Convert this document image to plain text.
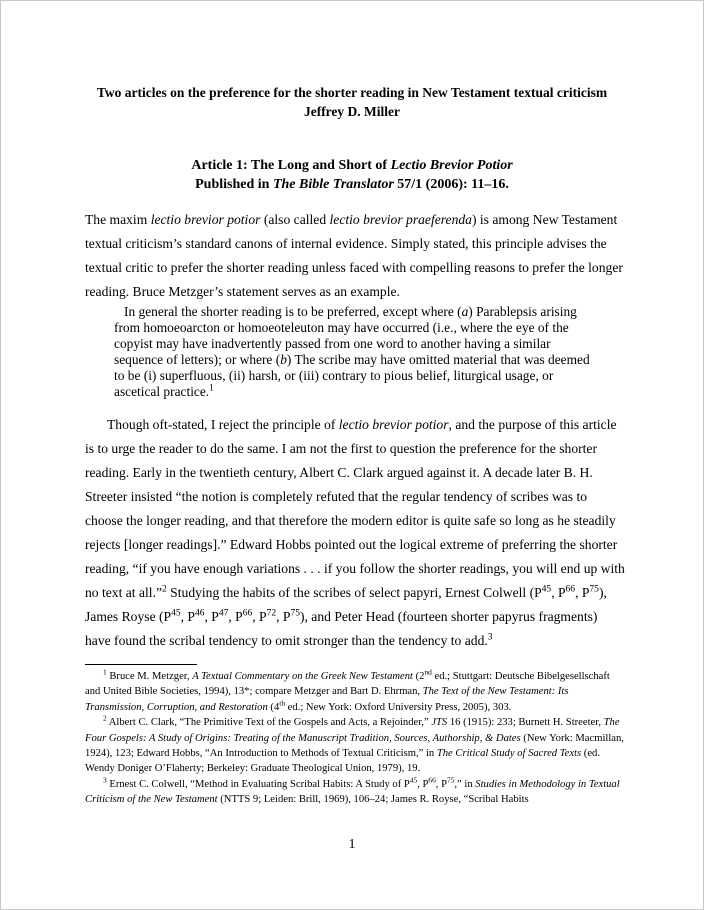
Two articles on the preference for the shorter reading in New Testament textual criticism
Jeffrey D. Miller
Article 1: The Long and Short of Lectio Brevior Potior
Published in The Bible Translator 57/1 (2006): 11–16.
The maxim lectio brevior potior (also called lectio brevior praeferenda) is among New Testament textual criticism’s standard canons of internal evidence. Simply stated, this principle advises the textual critic to prefer the shorter reading unless faced with compelling reasons to prefer the longer reading. Bruce Metzger’s statement serves as an example.
In general the shorter reading is to be preferred, except where (a) Parablepsis arising from homoeoarcton or homoeoteleuton may have occurred (i.e., where the eye of the copyist may have inadvertently passed from one word to another having a similar sequence of letters); or where (b) The scribe may have omitted material that was deemed to be (i) superfluous, (ii) harsh, or (iii) contrary to pious belief, liturgical usage, or ascetical practice.$^1$
Though oft-stated, I reject the principle of lectio brevior potior, and the purpose of this article is to urge the reader to do the same. I am not the first to question the preference for the shorter reading. Early in the twentieth century, Albert C. Clark argued against it. A decade later B. H. Streeter insisted “the notion is completely refuted that the regular tendency of scribes was to choose the longer reading, and that therefore the modern editor is quite safe so long as he steadily rejects [longer readings].” Edward Hobbs pointed out the logical extreme of preferring the shorter reading, “if you have enough variations . . . if you follow the shorter readings, you will end up with no text at all.”$^2$ Studying the habits of the scribes of select papyri, Ernest Colwell ($P^{45}$, $P^{66}$, $P^{75}$), James Royse ($P^{45}$, $P^{46}$, $P^{47}$, $P^{66}$, $P^{72}$, $P^{75}$), and Peter Head (fourteen shorter papyrus fragments) have found the scribal tendency to omit stronger than the tendency to add.$^3$
$^1$ Bruce M. Metzger, A Textual Commentary on the Greek New Testament (2nd ed.; Stuttgart: Deutsche Bibelgesellschaft and United Bible Societies, 1994), 13*; compare Metzger and Bart D. Ehrman, The Text of the New Testament: Its Transmission, Corruption, and Restoration (4th ed.; New York: Oxford University Press, 2005), 303.
$^2$ Albert C. Clark, “The Primitive Text of the Gospels and Acts, a Rejoinder,” JTS 16 (1915): 233; Burnett H. Streeter, The Four Gospels: A Study of Origins: Treating of the Manuscript Tradition, Sources, Authorship, & Dates (New York: Macmillan, 1924), 123; Edward Hobbs, “An Introduction to Methods of Textual Criticism,” in The Critical Study of Sacred Texts (ed. Wendy Doniger O’Flaherty; Berkeley: Graduate Theological Union, 1979), 19.
$^3$ Ernest C. Colwell, “Method in Evaluating Scribal Habits: A Study of $P^{45}$, $P^{66}$, $P^{75}$,” in Studies in Methodology in Textual Criticism of the New Testament (NTTS 9; Leiden: Brill, 1969), 106–24; James R. Royse, “Scribal Habits
1
